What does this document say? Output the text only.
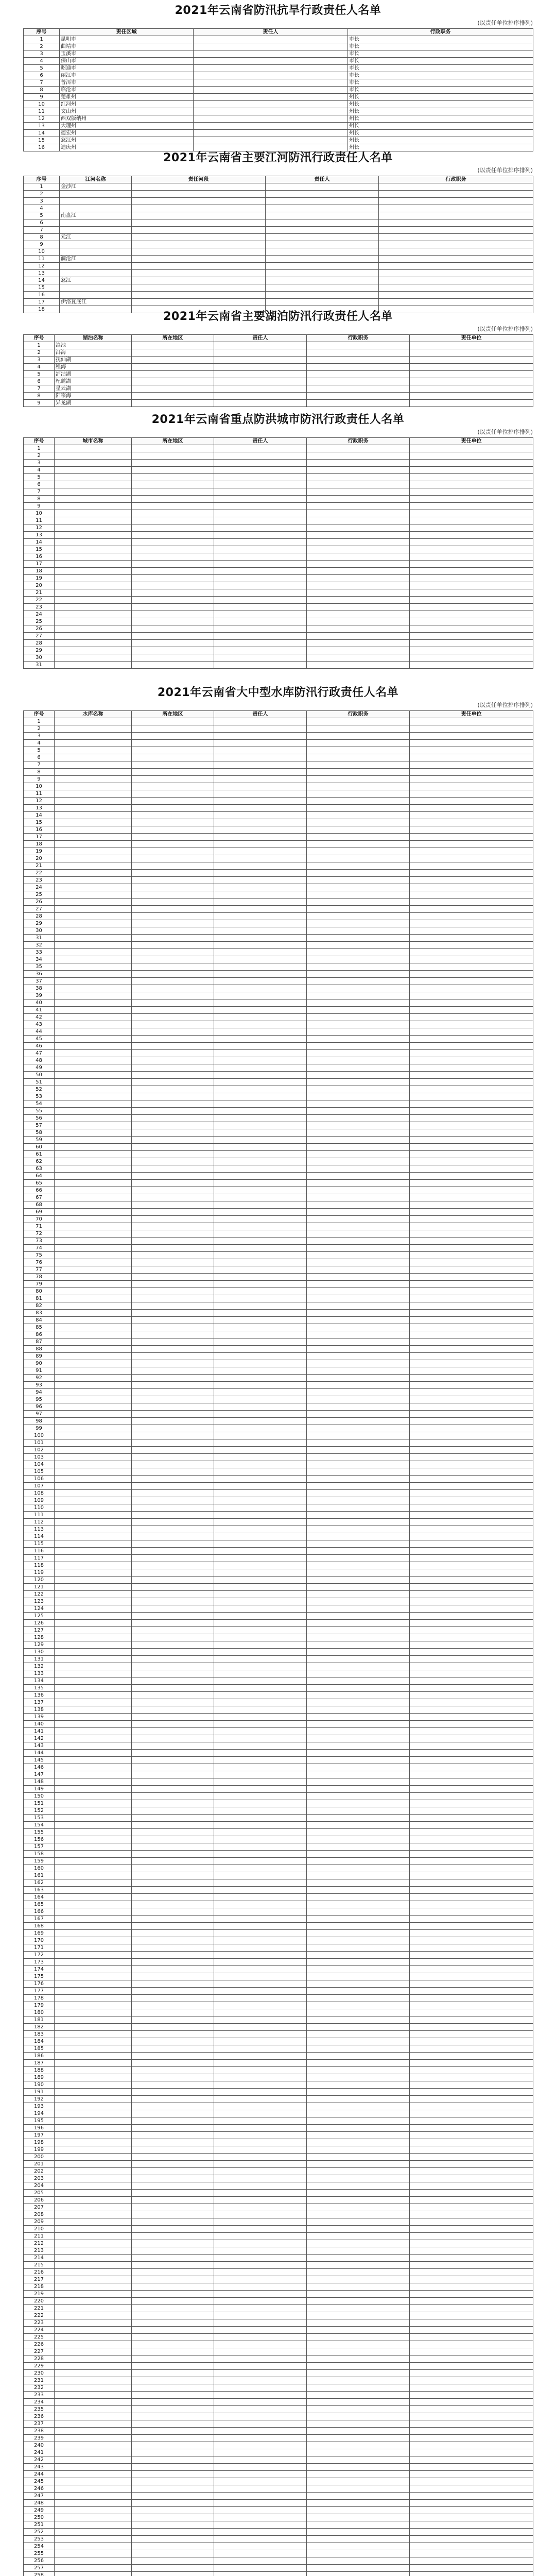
2021年云南省防汛抗旱行政责任人名单
(以责任单位排序排列)
序号	责任区域	责任人	行政职务
1	昆明市		市长
2	曲靖市		市长
3	玉溪市		市长
4	保山市		市长
5	昭通市		市长
6	丽江市		市长
7	普洱市		市长
8	临沧市		市长
9	楚雄州		州长
10	红河州		州长
11	文山州		州长
12	西双版纳州		州长
13	大理州		州长
14	德宏州		州长
15	怒江州		州长
16	迪庆州		州长
2021年云南省主要江河防汛行政责任人名单
(以责任单位排序排列)
序号	江河名称	责任河段	责任人	行政职务
1	金沙江			
2				
3				
4				
5	南盘江			
6				
7				
8	元江			
9				
10				
11	澜沧江			
12				
13				
14	怒江			
15				
16				
17	伊洛瓦底江			
18				
2021年云南省主要湖泊防汛行政责任人名单
(以责任单位排序排列)
序号	湖泊名称	所在地区	责任人	行政职务	责任单位
1	滇池				
2	洱海				
3	抚仙湖				
4	程海				
5	泸沽湖				
6	杞麓湖				
7	星云湖				
8	阳宗海				
9	异龙湖				
2021年云南省重点防洪城市防汛行政责任人名单
(以责任单位排序排列)
序号	城市名称	所在地区	责任人	行政职务	责任单位
1					
2					
3					
4					
5					
6					
7					
8					
9					
10					
11					
12					
13					
14					
15					
16					
17					
18					
19					
20					
21					
22					
23					
24					
25					
26					
27					
28					
29					
30					
31					
2021年云南省大中型水库防汛行政责任人名单
(以责任单位排序排列)
序号	水库名称	所在地区	责任人	行政职务	责任单位
1					
2					
3					
4					
5					
6					
7					
8					
9					
10					
11					
12					
13					
14					
15					
16					
17					
18					
19					
20					
21					
22					
23					
24					
25					
26					
27					
28					
29					
30					
31					
32					
33					
34					
35					
36					
37					
38					
39					
40					
41					
42					
43					
44					
45					
46					
47					
48					
49					
50					
51					
52					
53					
54					
55					
56					
57					
58					
59					
60					
61					
62					
63					
64					
65					
66					
67					
68					
69					
70					
71					
72					
73					
74					
75					
76					
77					
78					
79					
80					
81					
82					
83					
84					
85					
86					
87					
88					
89					
90					
91					
92					
93					
94					
95					
96					
97					
98					
99					
100					
101					
102					
103					
104					
105					
106					
107					
108					
109					
110					
111					
112					
113					
114					
115					
116					
117					
118					
119					
120					
121					
122					
123					
124					
125					
126					
127					
128					
129					
130					
131					
132					
133					
134					
135					
136					
137					
138					
139					
140					
141					
142					
143					
144					
145					
146					
147					
148					
149					
150					
151					
152					
153					
154					
155					
156					
157					
158					
159					
160					
161					
162					
163					
164					
165					
166					
167					
168					
169					
170					
171					
172					
173					
174					
175					
176					
177					
178					
179					
180					
181					
182					
183					
184					
185					
186					
187					
188					
189					
190					
191					
192					
193					
194					
195					
196					
197					
198					
199					
200					
201					
202					
203					
204					
205					
206					
207					
208					
209					
210					
211					
212					
213					
214					
215					
216					
217					
218					
219					
220					
221					
222					
223					
224					
225					
226					
227					
228					
229					
230					
231					
232					
233					
234					
235					
236					
237					
238					
239					
240					
241					
242					
243					
244					
245					
246					
247					
248					
249					
250					
251					
252					
253					
254					
255					
256					
257					
258					
